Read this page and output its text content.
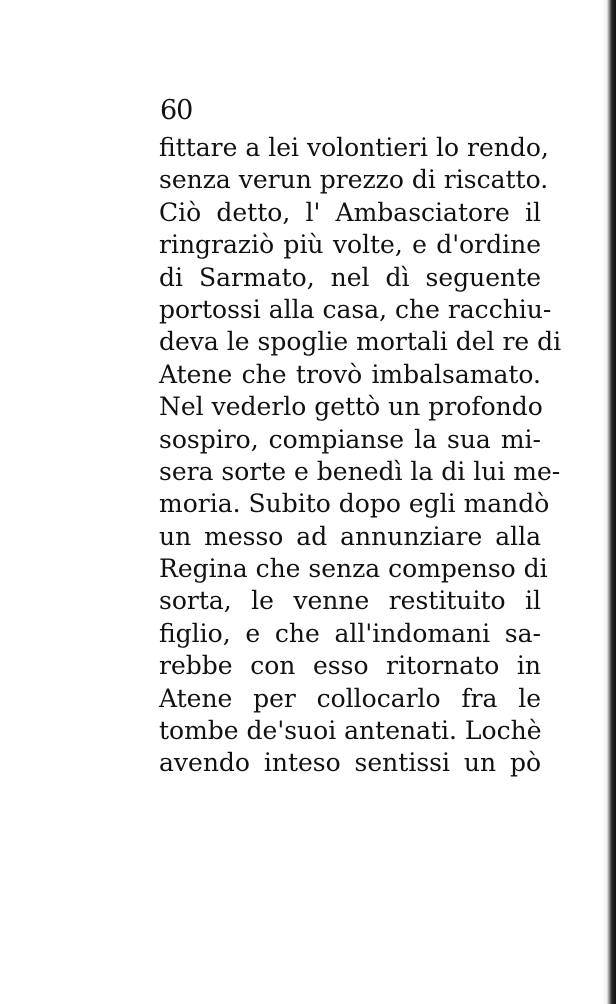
60
fittare a lei volontieri lo rendo,
senza verun prezzo di riscatto.
Ciò detto, l' Ambasciatore il
ringraziò più volte, e d'ordine
di Sarmato, nel dì seguente
portossi alla casa, che racchiu-
deva le spoglie mortali del re di
Atene che trovò imbalsamato.
Nel vederlo gettò un profondo
sospiro, compianse la sua mi-
sera sorte e benedì la di lui me-
moria. Subito dopo egli mandò
un messo ad annunziare alla
Regina che senza compenso di
sorta, le venne restituito il
figlio, e che all'indomani sa-
rebbe con esso ritornato in
Atene per collocarlo fra le
tombe de'suoi antenati. Lochè
avendo inteso sentissi un pò
